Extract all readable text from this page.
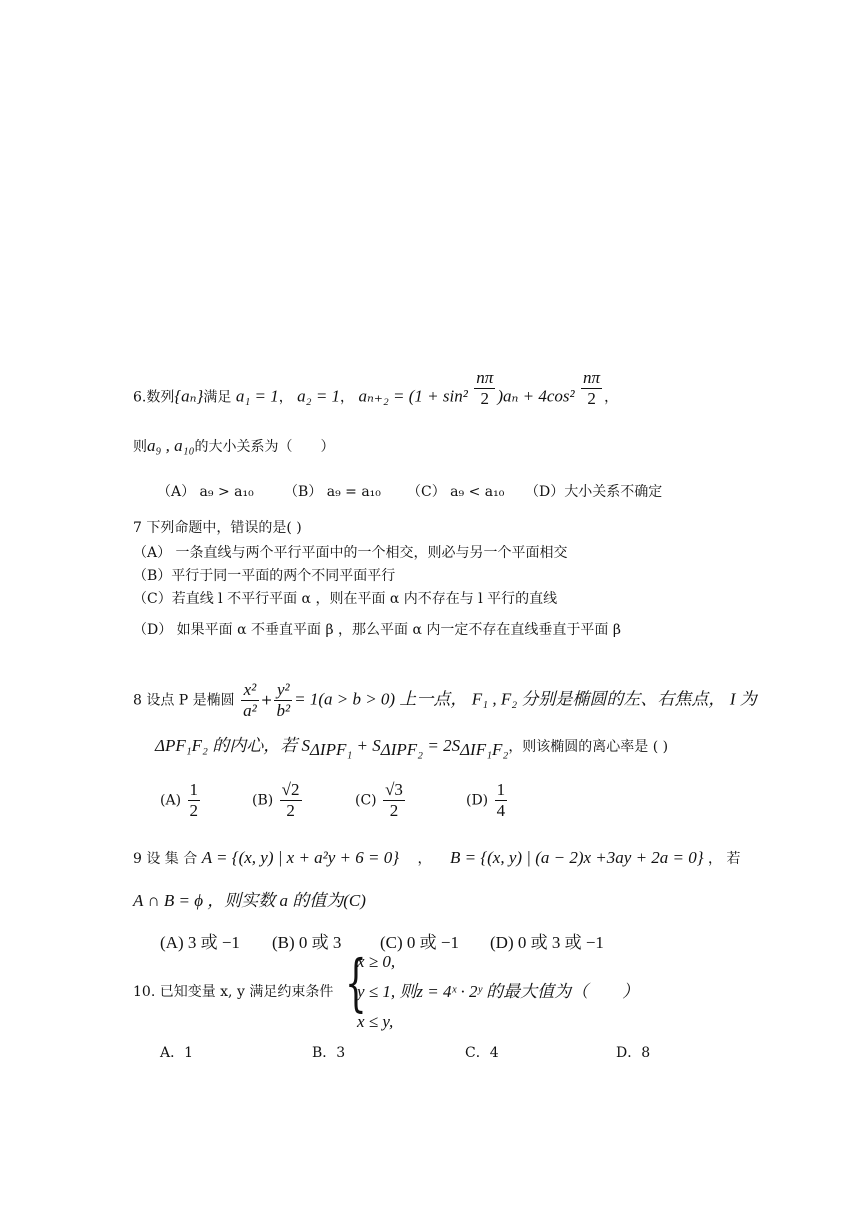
6.数列{aₙ}满足 a₁ = 1， a₂ = 1， $a_{n+2} = (1 + \sin^2 \frac{n\pi}{2} )a_n + 4\cos^2 \frac{n\pi}{2}$ ，
则a₉ , a₁₀的大小关系为（　　）
（A） a₉ > a₁₀ （B） a₉ = a₁₀ （C） a₉ < a₁₀ （D）大小关系不确定
7 下列命题中，错误的是( )
（A） 一条直线与两个平行平面中的一个相交，则必与另一个平面相交
（B）平行于同一平面的两个不同平面平行
（C）若直线 l 不平行平面 α ，则在平面 α 内不存在与 l 平行的直线
（D） 如果平面 α 不垂直平面 β ，那么平面 α 内一定不存在直线垂直于平面 β
8 设点 P 是椭圆 $\frac{\text{x²}}{\text{a²}} + \frac{\text{y²}}{\text{b²}} = 1(a > b > 0)$ 上一点， F₁ , F₂ 分别是椭圆的左、右焦点， I 为
ΔPF₁F₂ 的内心，若 $S_{\Delta IPF_1} + S_{\Delta IPF_2} = 2S_{\Delta IF_1F_2}$，则该椭圆的离心率是 ( )
$(A) \frac{1}{2}$	$(B) \frac{√2}{2}$	$(C) \frac{√3}{2}$	$(D) \frac{1}{4}$
9 设 集 合 A = {(x, y) | x + a²y + 6 = 0} ， B = {(x, y) | (a − 2)x +3ay + 2a = 0} ， 若
A ∩ B = ϕ ，则实数 a 的值为(C)
(A) 3 或 −1 (B) 0 或 3 (C) 0 或 −1 (D) 0 或 3 或 −1
10. 已知变量 x, y 满足约束条件 {
x ≥ 0,
y ≤ 1, 则z = 4ˣ · 2ʸ 的最大值为（　　）
x ≤ y,
A．1	B．3	C．4	D．8
